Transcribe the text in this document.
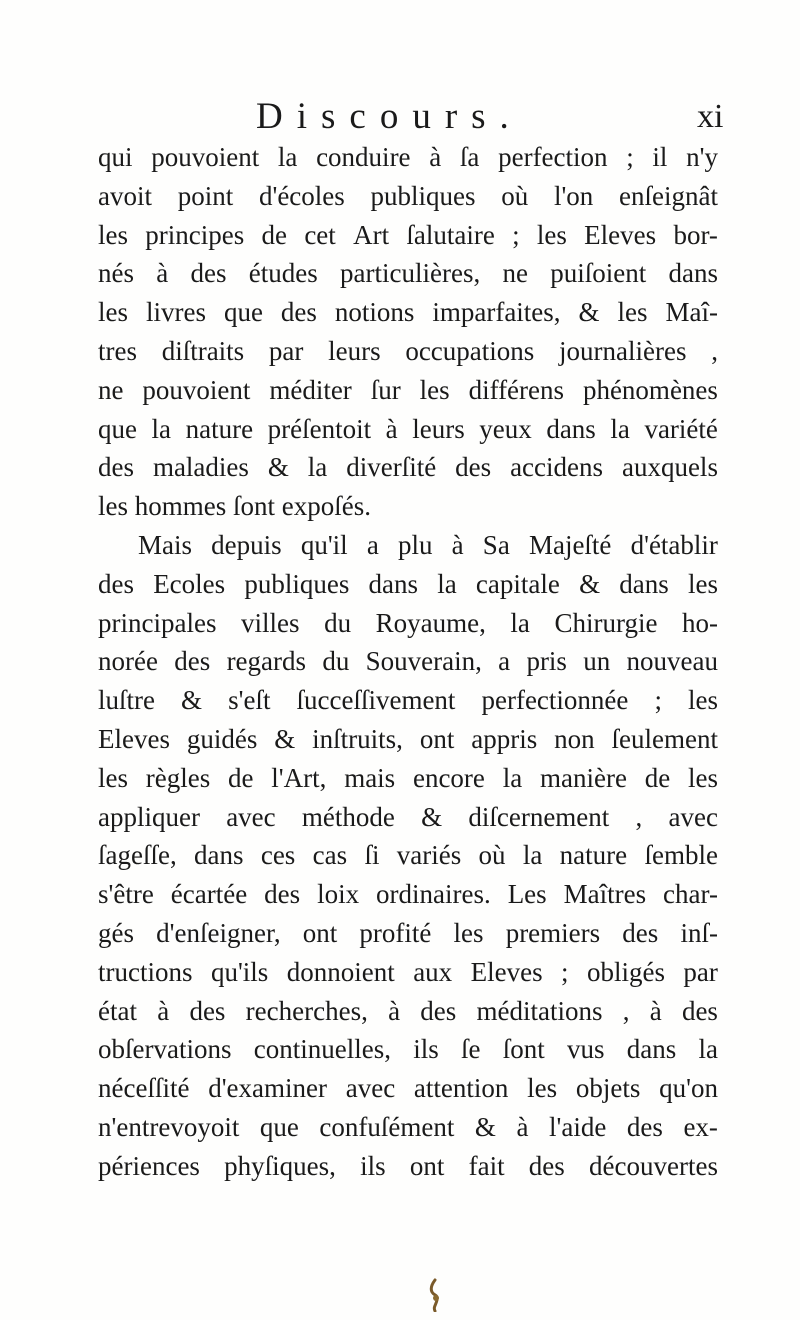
Discours.	xi
qui pouvoient la conduire à ſa perfection ; il n'y
avoit point d'écoles publiques où l'on enſeignât
les principes de cet Art ſalutaire ; les Eleves bor-
nés à des études particulières, ne puiſoient dans
les livres que des notions imparfaites, & les Maî-
tres diſtraits par leurs occupations journalières ,
ne pouvoient méditer ſur les différens phénomènes
que la nature préſentoit à leurs yeux dans la variété
des maladies & la diverſité des accidens auxquels
les hommes ſont expoſés.
Mais depuis qu'il a plu à Sa Majeſté d'établir
des Ecoles publiques dans la capitale & dans les
principales villes du Royaume, la Chirurgie ho-
norée des regards du Souverain, a pris un nouveau
luſtre & s'eſt ſucceſſivement perfectionnée ; les
Eleves guidés & inſtruits, ont appris non ſeulement
les règles de l'Art, mais encore la manière de les
appliquer avec méthode & diſcernement , avec
ſageſſe, dans ces cas ſi variés où la nature ſemble
s'être écartée des loix ordinaires. Les Maîtres char-
gés d'enſeigner, ont profité les premiers des inſ-
tructions qu'ils donnoient aux Eleves ; obligés par
état à des recherches, à des méditations , à des
obſervations continuelles, ils ſe ſont vus dans la
néceſſité d'examiner avec attention les objets qu'on
n'entrevoyoit que confuſément & à l'aide des ex-
périences phyſiques, ils ont fait des découvertes
